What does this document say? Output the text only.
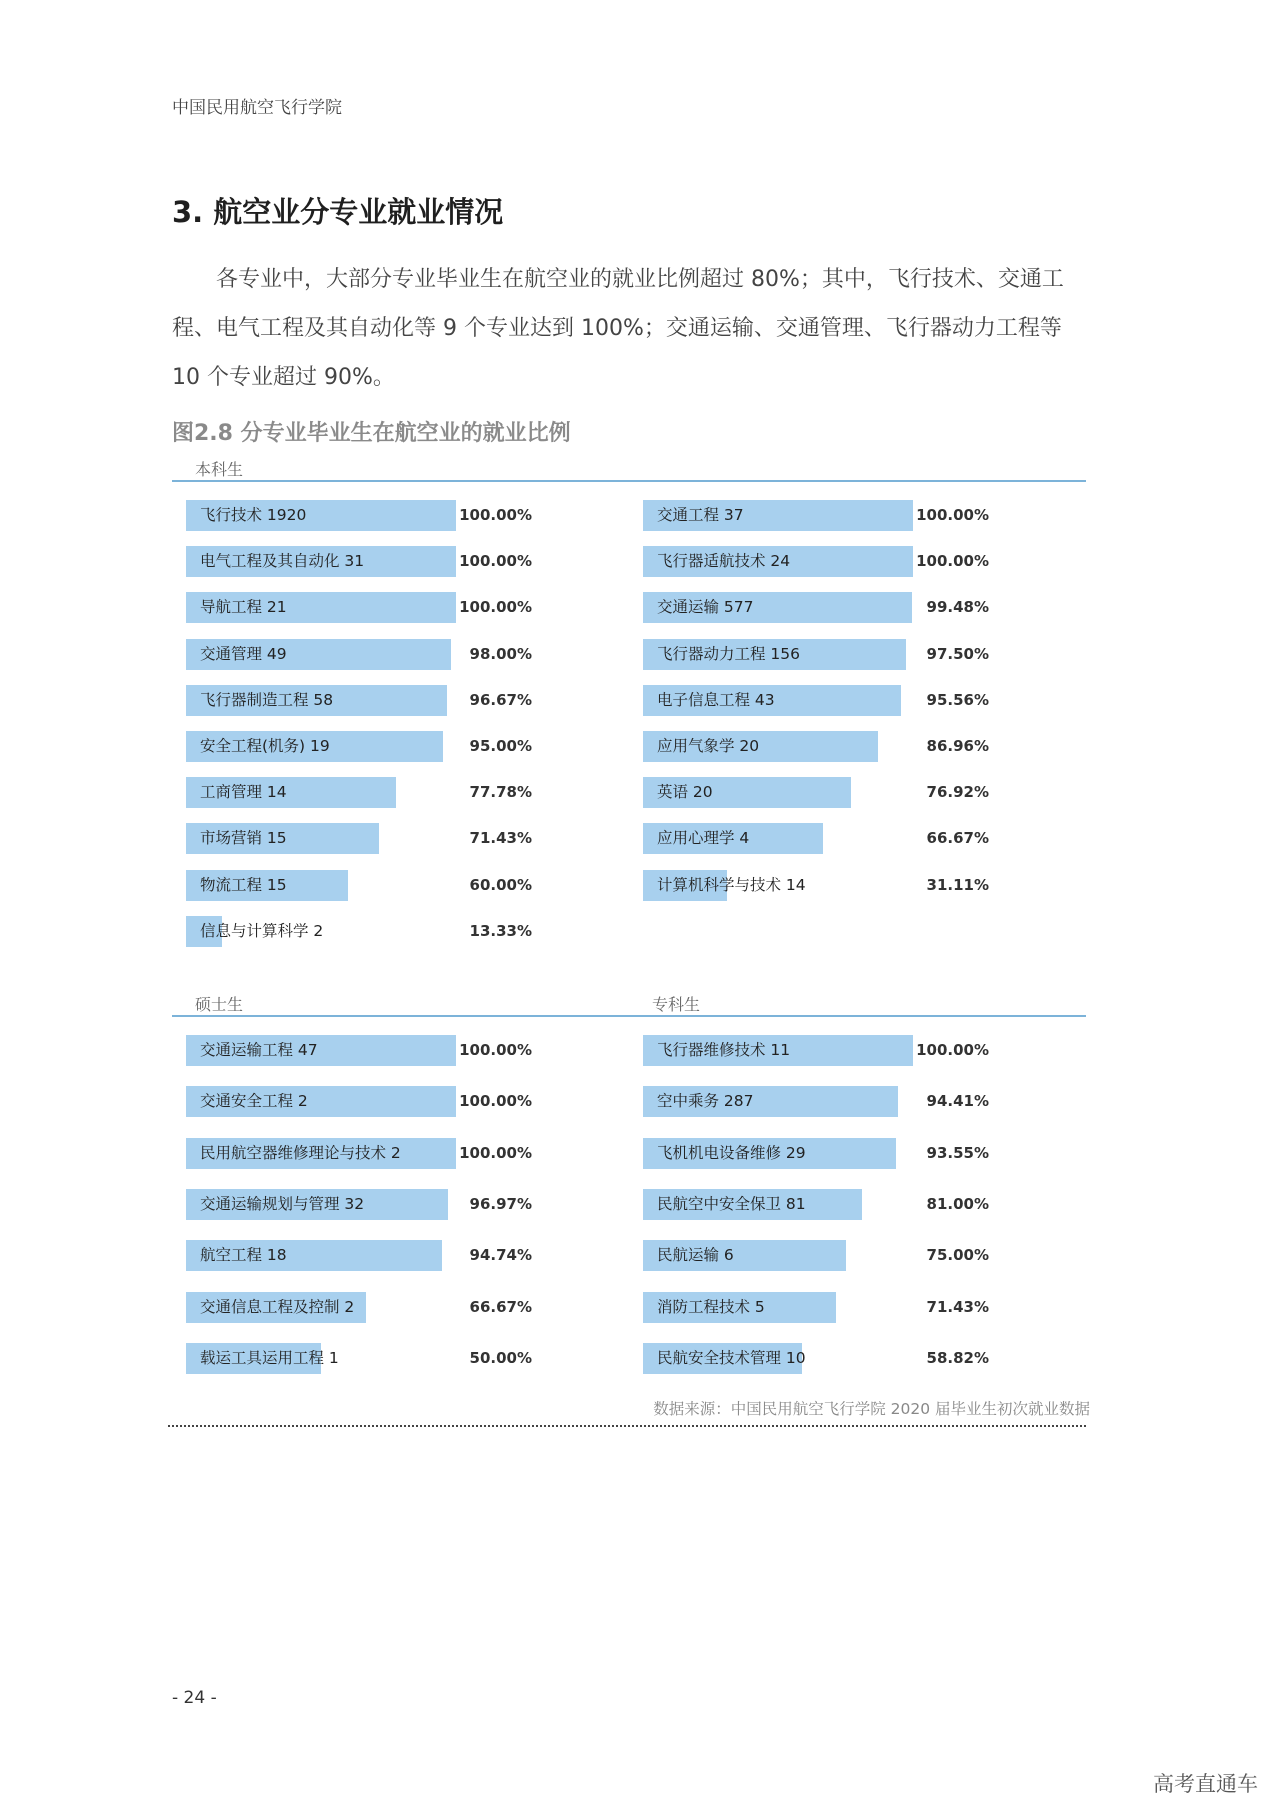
中国民用航空飞行学院
3. 航空业分专业就业情况
各专业中，大部分专业毕业生在航空业的就业比例超过 80%；其中，飞行技术、交通工
程、电气工程及其自动化等 9 个专业达到 100%；交通运输、交通管理、飞行器动力工程等
10 个专业超过 90%。
图2.8 分专业毕业生在航空业的就业比例
本科生
硕士生	专科生
飞行技术 1920	100.00%
电气工程及其自动化 31	100.00%
导航工程 21	100.00%
交通管理 49	98.00%
飞行器制造工程 58	96.67%
安全工程(机务) 19	95.00%
工商管理 14	77.78%
市场营销 15	71.43%
物流工程 15	60.00%
信息与计算科学 2	13.33%
交通工程 37	100.00%
飞行器适航技术 24	100.00%
交通运输 577	99.48%
飞行器动力工程 156	97.50%
电子信息工程 43	95.56%
应用气象学 20	86.96%
英语 20	76.92%
应用心理学 4	66.67%
计算机科学与技术 14	31.11%
交通运输工程 47	100.00%
交通安全工程 2	100.00%
民用航空器维修理论与技术 2	100.00%
交通运输规划与管理 32	96.97%
航空工程 18	94.74%
交通信息工程及控制 2	66.67%
载运工具运用工程 1	50.00%
飞行器维修技术 11	100.00%
空中乘务 287	94.41%
飞机机电设备维修 29	93.55%
民航空中安全保卫 81	81.00%
民航运输 6	75.00%
消防工程技术 5	71.43%
民航安全技术管理 10	58.82%
数据来源：中国民用航空飞行学院 2020 届毕业生初次就业数据
- 24 -
高考直通车
